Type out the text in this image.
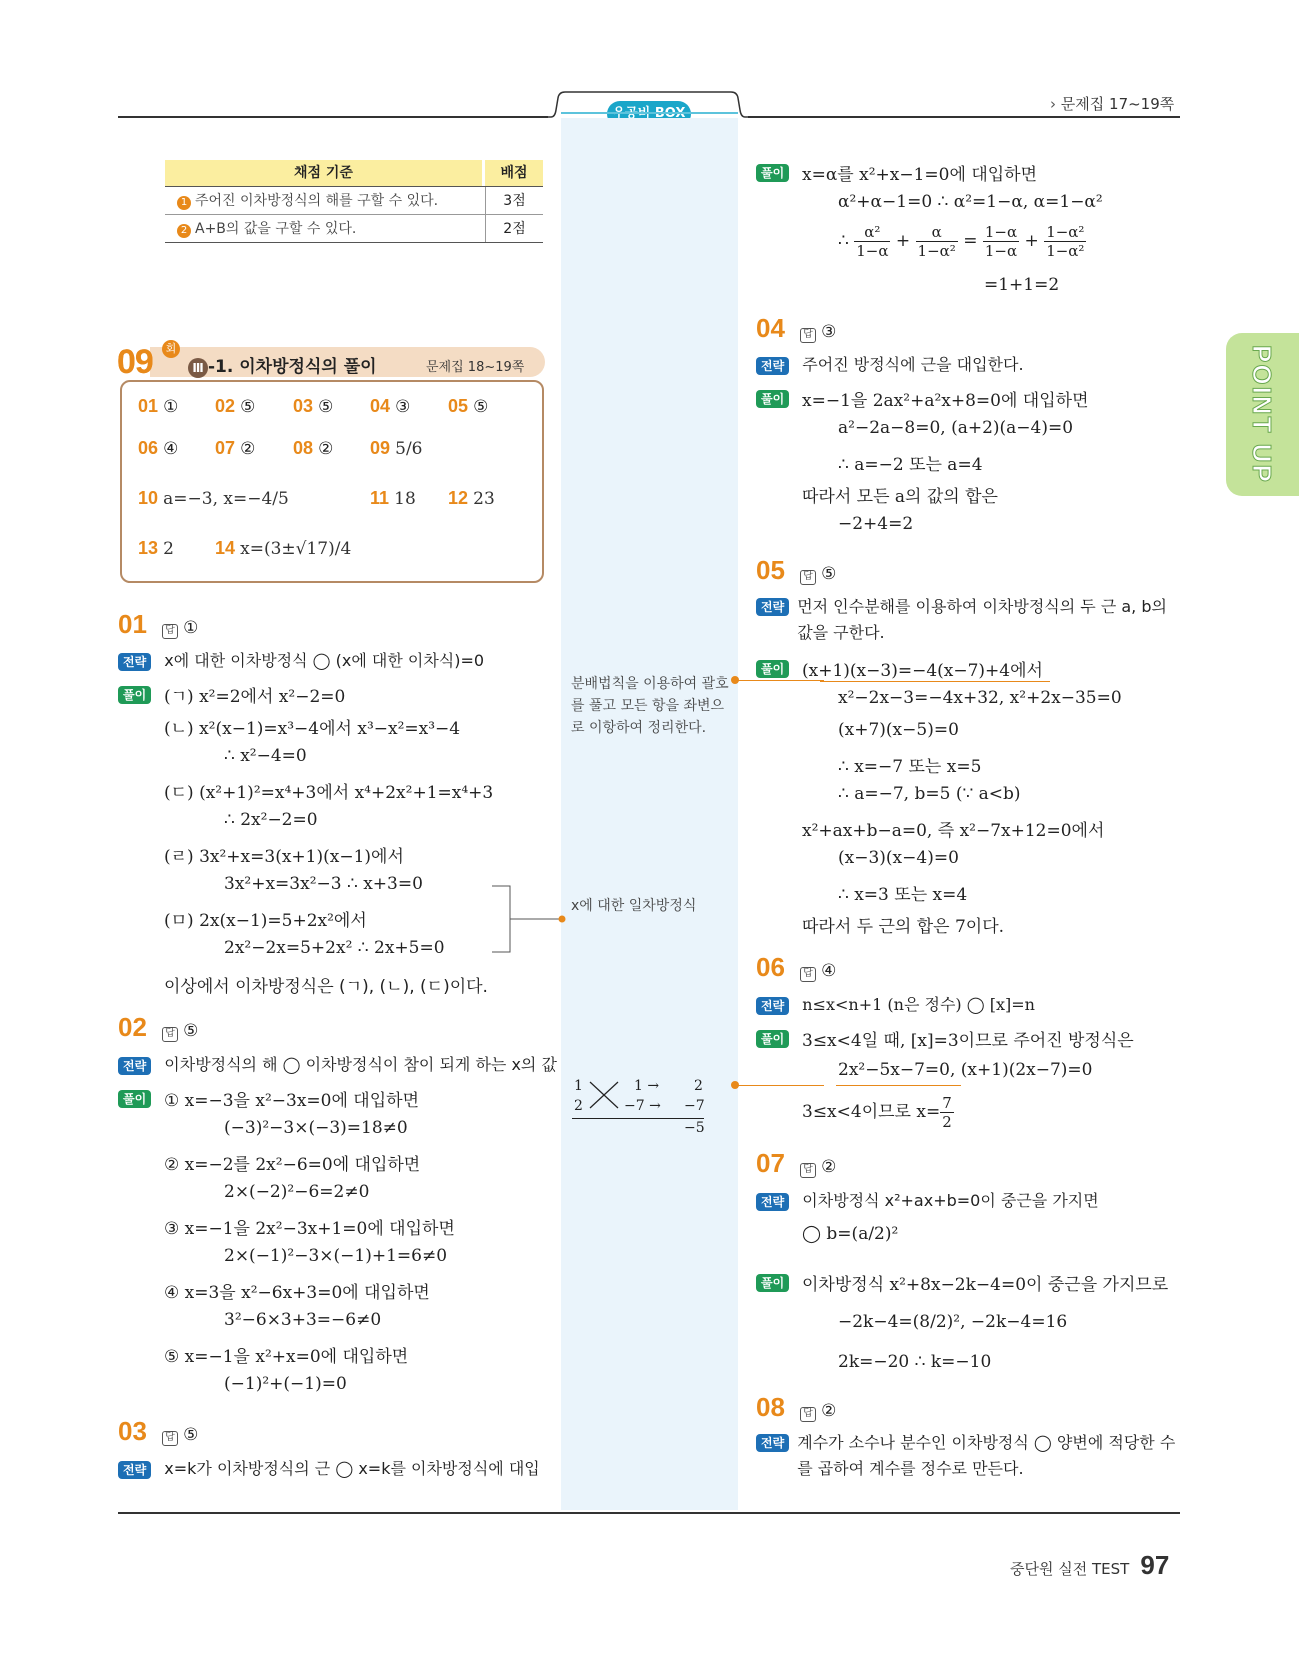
› 문제집 17~19쪽
채점 기준	배점
1 주어진 이차방정식의 해를 구할 수 있다.	3점
2 A+B의 값을 구할 수 있다.	2점
09	회
Ⅲ -1. 이차방정식의 풀이	문제집 18~19쪽
01 ① 02 ⑤ 03 ⑤ 04 ③ 05 ⑤
06 ④ 07 ② 08 ② 09 5/6
10 a=−3, x=−4/5	11 18 12 23
13 2 14 x=(3±√17)/4
01 답 ①
전략 x에 대한 이차방정식 ◯ (x에 대한 이차식)=0
풀이 (ㄱ) x²=2에서 x²−2=0
(ㄴ) x²(x−1)=x³−4에서 x³−x²=x³−4
∴ x²−4=0
(ㄷ) (x²+1)²=x⁴+3에서 x⁴+2x²+1=x⁴+3
∴ 2x²−2=0
(ㄹ) 3x²+x=3(x+1)(x−1)에서
3x²+x=3x²−3 ∴ x+3=0
(ㅁ) 2x(x−1)=5+2x²에서
2x²−2x=5+2x² ∴ 2x+5=0
이상에서 이차방정식은 (ㄱ), (ㄴ), (ㄷ)이다.
02 답 ⑤
전략 이차방정식의 해 ◯ 이차방정식이 참이 되게 하는 x의 값
풀이 ① x=−3을 x²−3x=0에 대입하면
(−3)²−3×(−3)=18≠0
② x=−2를 2x²−6=0에 대입하면
2×(−2)²−6=2≠0
③ x=−1을 2x²−3x+1=0에 대입하면
2×(−1)²−3×(−1)+1=6≠0
④ x=3을 x²−6x+3=0에 대입하면
3²−6×3+3=−6≠0
⑤ x=−1을 x²+x=0에 대입하면
(−1)²+(−1)=0
03 답 ⑤
전략 x=k가 이차방정식의 근 ◯ x=k를 이차방정식에 대입
분배법칙을 이용하여 괄호를 풀고 모든 항을 좌변으로 이항하여 정리한다.
x에 대한 일차방정식
1	1 → 2
2	−7 → −7
−5
풀이 x=α를 x²+x−1=0에 대입하면
α²+α−1=0 ∴ α²=1−α, α=1−α²
∴ $\frac{\text{α²}}{1-\alpha} + \frac{\alpha}{\text{1−α²}} = \frac{1-\alpha}{1-\alpha} + \frac{\text{1−α²}}{\text{1−α²}}$
=1+1=2
04 답 ③
전략 주어진 방정식에 근을 대입한다.
풀이 x=−1을 2ax²+a²x+8=0에 대입하면
a²−2a−8=0, (a+2)(a−4)=0
∴ a=−2 또는 a=4
따라서 모든 a의 값의 합은
−2+4=2
05 답 ⑤
전략 먼저 인수분해를 이용하여 이차방정식의 두 근 a, b의 값을 구한다.
풀이 (x+1)(x−3)=−4(x−7)+4에서
x²−2x−3=−4x+32, x²+2x−35=0
(x+7)(x−5)=0
∴ x=−7 또는 x=5
∴ a=−7, b=5 (∵ a<b)
x²+ax+b−a=0, 즉 x²−7x+12=0에서
(x−3)(x−4)=0
∴ x=3 또는 x=4
따라서 두 근의 합은 7이다.
06 답 ④
전략 n≤x<n+1 (n은 정수) ◯ [x]=n
풀이 3≤x<4일 때, [x]=3이므로 주어진 방정식은
2x²−5x−7=0, (x+1)(2x−7)=0
3≤x<4이므로 $x= \frac{7}{2}$
07 답 ②
전략 이차방정식 x²+ax+b=0이 중근을 가지면
◯ b=(a/2)²
풀이 이차방정식 x²+8x−2k−4=0이 중근을 가지므로
−2k−4=(8/2)², −2k−4=16
2k=−20 ∴ k=−10
08 답 ②
전략 계수가 소수나 분수인 이차방정식 ◯ 양변에 적당한 수를 곱하여 계수를 정수로 만든다.
POINT UP
중단원 실전 TEST 97
